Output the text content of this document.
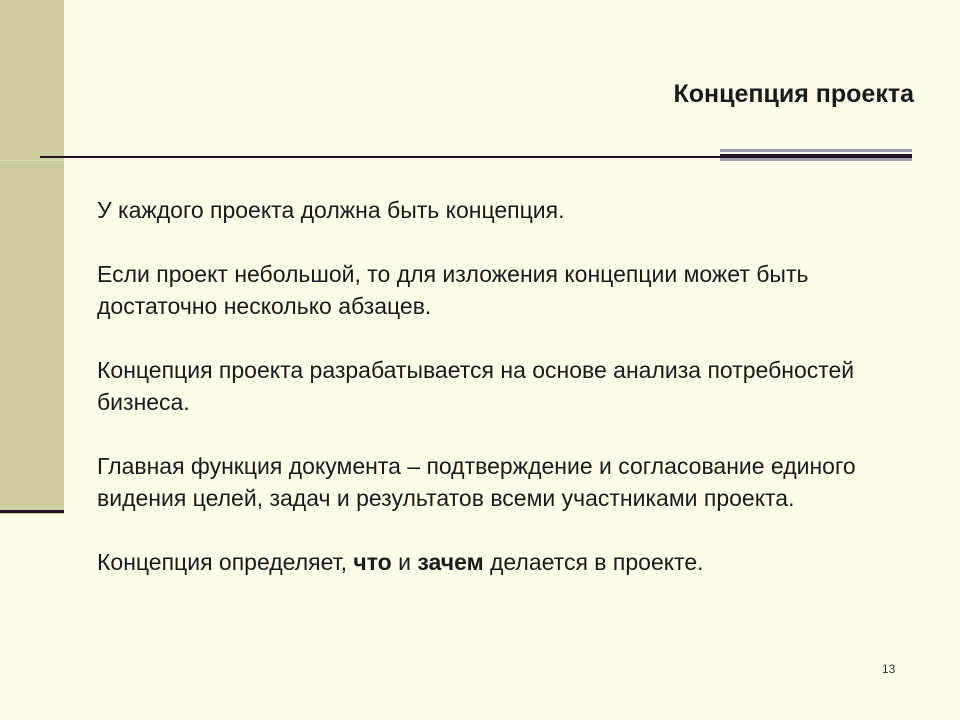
Концепция проекта

У каждого проекта должна быть концепция.

Если проект небольшой, то для изложения концепции может быть достаточно несколько абзацев.

Концепция проекта разрабатывается на основе анализа потребностей бизнеса.

Главная функция документа – подтверждение и согласование единого видения целей, задач и результатов всеми участниками проекта.

Концепция определяет, что и зачем делается в проекте.

13
